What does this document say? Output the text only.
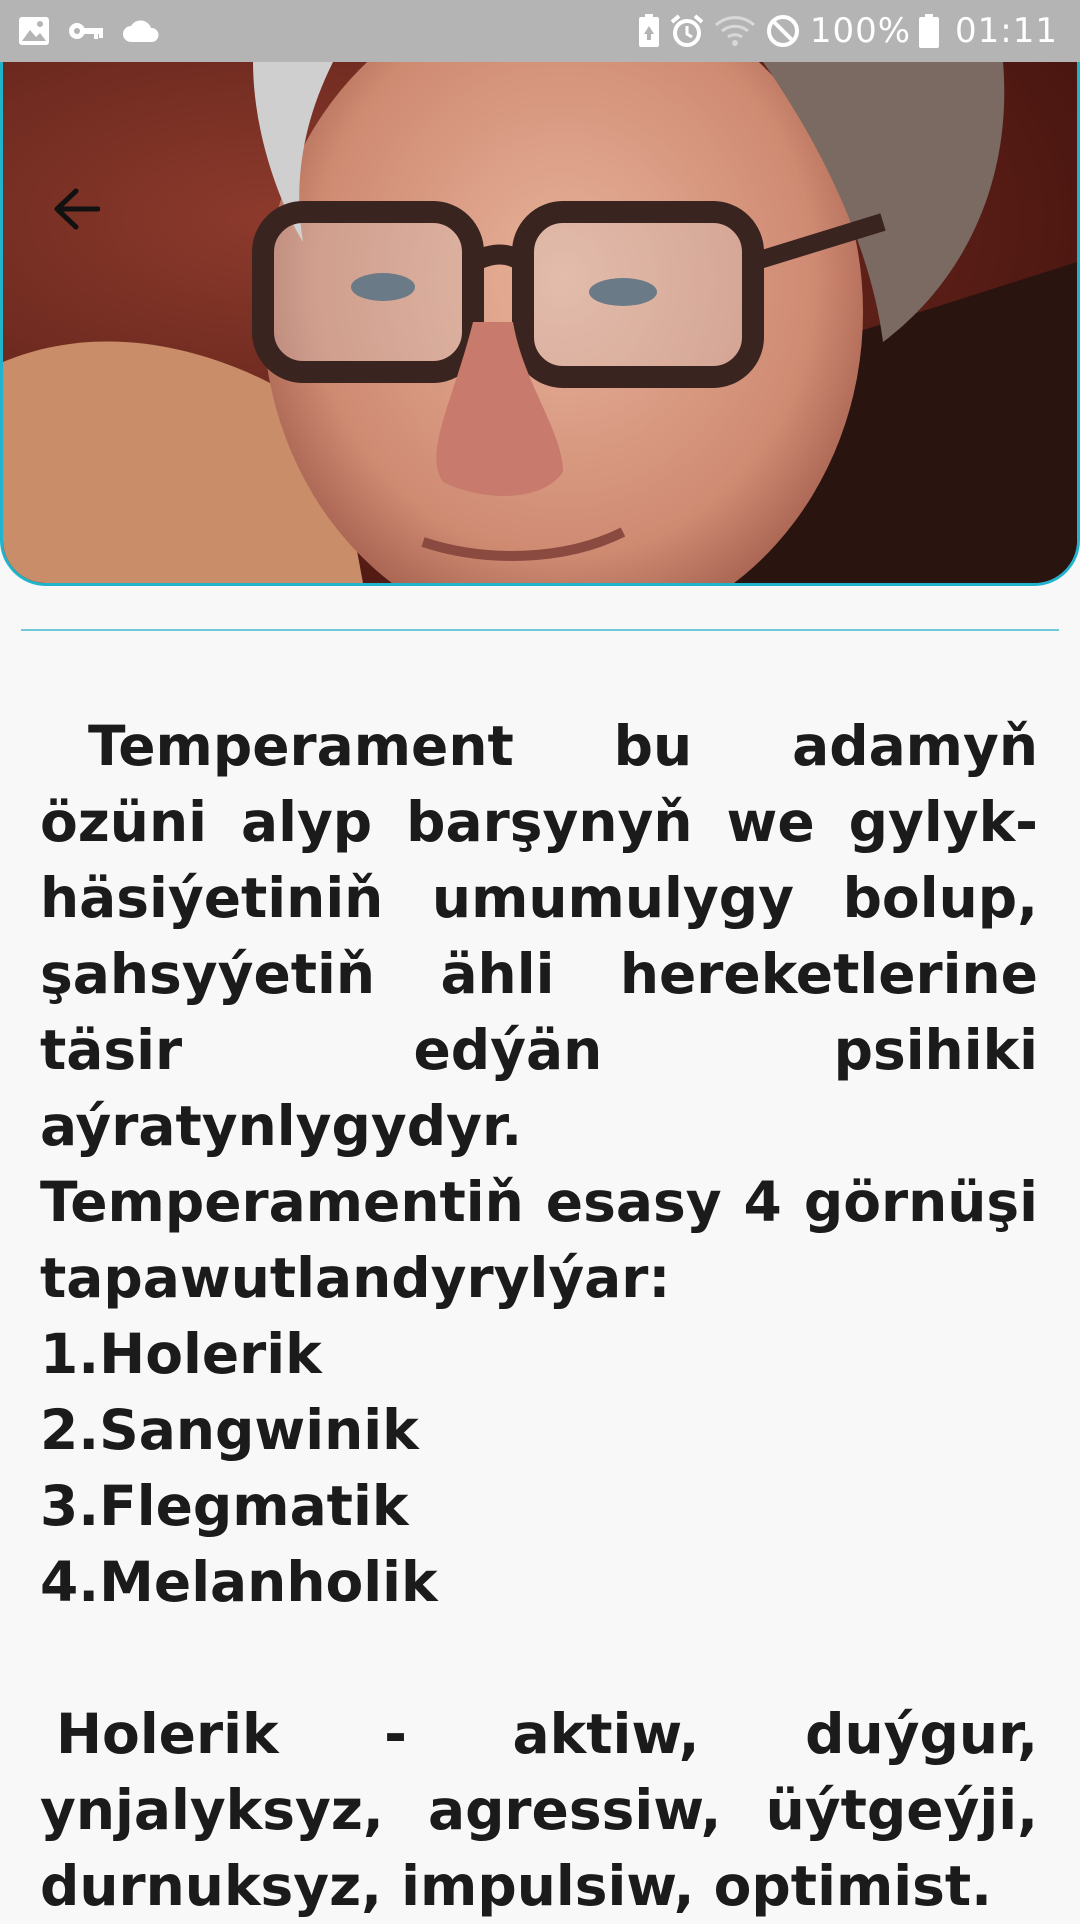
100% 01:11

Temperament bu adamyň özüni alyp barşynyň we gylyk-häsiýetiniň umumulygy bolup, şahsyýetiň ähli hereketlerine täsir edýän psihiki aýratynlygydyr.

Temperamentiň esasy 4 görnüşi tapawutlandyrylýar:

1.Holerik

2.Sangwinik

3.Flegmatik

4.Melanholik

Holerik - aktiw, duýgur, ynjalyksyz, agressiw, üýtgeýji, durnuksyz, impulsiw, optimist.
